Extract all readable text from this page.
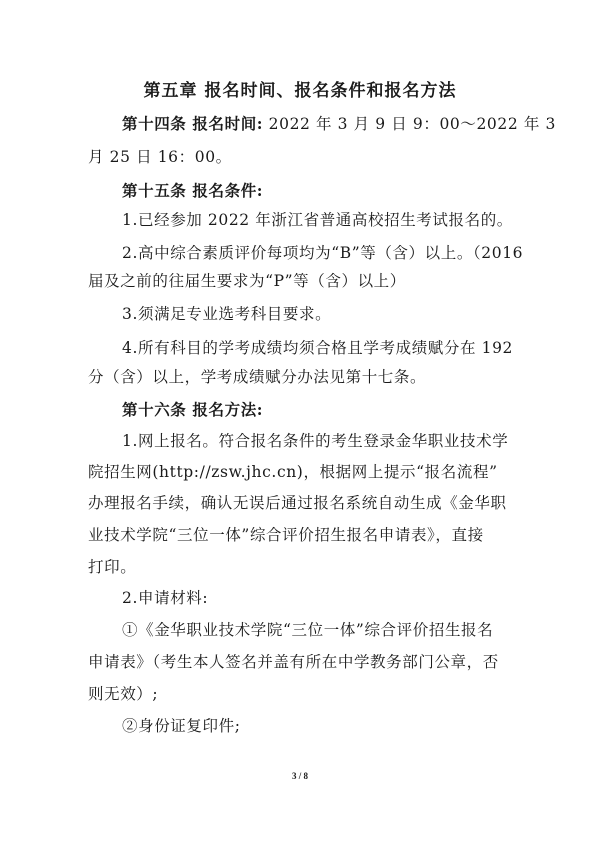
第五章 报名时间、报名条件和报名方法
第十四条 报名时间: 2022 年 3 月 9 日 9：00～2022 年 3
月 25 日 16：00。
第十五条 报名条件:
1.已经参加 2022 年浙江省普通高校招生考试报名的。
2.高中综合素质评价每项均为“B”等（含）以上。（2016
届及之前的往届生要求为“P”等（含）以上）
3.须满足专业选考科目要求。
4.所有科目的学考成绩均须合格且学考成绩赋分在 192
分（含）以上，学考成绩赋分办法见第十七条。
第十六条 报名方法:
1.网上报名。符合报名条件的考生登录金华职业技术学
院招生网(http://zsw.jhc.cn)，根据网上提示“报名流程”
办理报名手续，确认无误后通过报名系统自动生成《金华职
业技术学院“三位一体”综合评价招生报名申请表》，直接
打印。
2.申请材料:
①《金华职业技术学院“三位一体”综合评价招生报名
申请表》（考生本人签名并盖有所在中学教务部门公章，否
则无效）;
②身份证复印件;
3 / 8
